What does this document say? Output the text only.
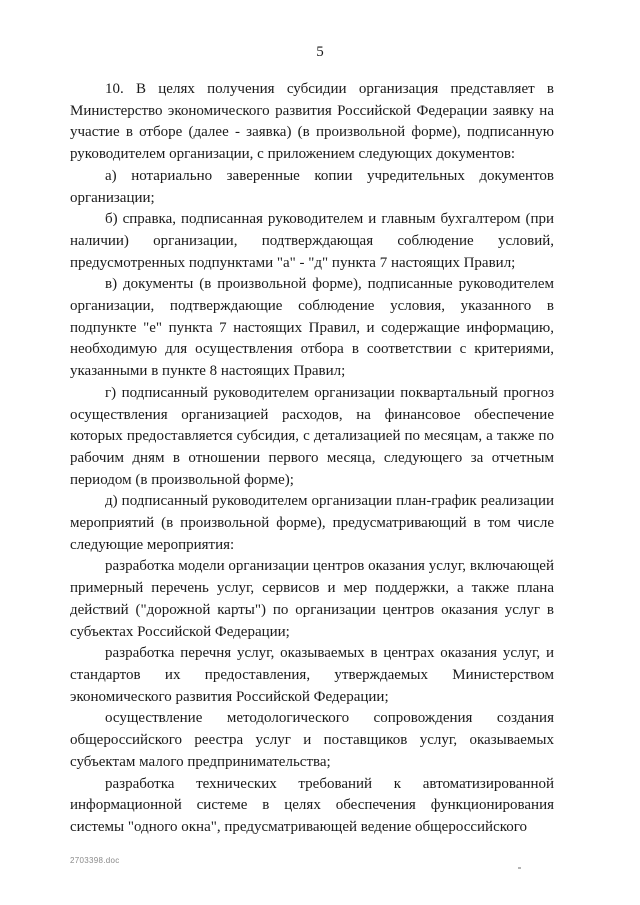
5

10. В целях получения субсидии организация представляет в Министерство экономического развития Российской Федерации заявку на участие в отборе (далее - заявка) (в произвольной форме), подписанную руководителем организации, с приложением следующих документов:

а) нотариально заверенные копии учредительных документов организации;

б) справка, подписанная руководителем и главным бухгалтером (при наличии) организации, подтверждающая соблюдение условий, предусмотренных подпунктами "а" - "д" пункта 7 настоящих Правил;

в) документы (в произвольной форме), подписанные руководителем организации, подтверждающие соблюдение условия, указанного в подпункте "е" пункта 7 настоящих Правил, и содержащие информацию, необходимую для осуществления отбора в соответствии с критериями, указанными в пункте 8 настоящих Правил;

г) подписанный руководителем организации поквартальный прогноз осуществления организацией расходов, на финансовое обеспечение которых предоставляется субсидия, с детализацией по месяцам, а также по рабочим дням в отношении первого месяца, следующего за отчетным периодом (в произвольной форме);

д) подписанный руководителем организации план-график реализации мероприятий (в произвольной форме), предусматривающий в том числе следующие мероприятия:

разработка модели организации центров оказания услуг, включающей примерный перечень услуг, сервисов и мер поддержки, а также плана действий ("дорожной карты") по организации центров оказания услуг в субъектах Российской Федерации;

разработка перечня услуг, оказываемых в центрах оказания услуг, и стандартов их предоставления, утверждаемых Министерством экономического развития Российской Федерации;

осуществление методологического сопровождения создания общероссийского реестра услуг и поставщиков услуг, оказываемых субъектам малого предпринимательства;

разработка технических требований к автоматизированной информационной системе в целях обеспечения функционирования системы "одного окна", предусматривающей ведение общероссийского

2703398.doc
